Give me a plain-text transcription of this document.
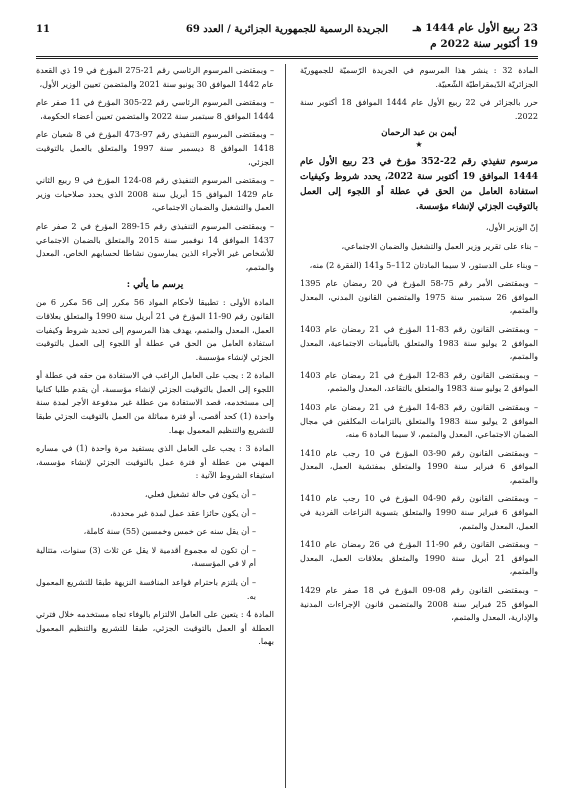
23 ربيع الأول عام 1444 هـ
19 أكتوبر سنة 2022 م
الجريدة الرسمية للجمهورية الجزائرية / العدد 69
11

المادة 32 : ينشر هذا المرسوم في الجريدة الرّسميّة للجمهوريّة الجزائريّة الدّيمقراطيّة الشّعبيّة.

حرر بالجزائر في 22 ربيع الأول عام 1444 الموافق 18 أكتوبر سنة 2022.

أيمن بن عبد الرحمان
★

مرسوم تنفيذي رقم 22-352 مؤرخ في 23 ربيع الأول عام 1444 الموافق 19 أكتوبر سنة 2022، يحدد شروط وكيفيات استفادة العامل من الحق في عطلة أو اللجوء إلى العمل بالتوقيت الجزئي لإنشاء مؤسسة.

إنّ الوزير الأول،

– بناء على تقرير وزير العمل والتشغيل والضمان الاجتماعي،

– وبناء على الدستور، لا سيما المادتان 112–5 و141 (الفقرة 2) منه،

– وبمقتضى الأمر رقم 75-58 المؤرخ في 20 رمضان عام 1395 الموافق 26 سبتمبر سنة 1975 والمتضمن القانون المدني، المعدل والمتمم،

– وبمقتضى القانون رقم 83-11 المؤرخ في 21 رمضان عام 1403 الموافق 2 يوليو سنة 1983 والمتعلق بالتأمينات الاجتماعية، المعدل والمتمم،

– وبمقتضى القانون رقم 83-12 المؤرخ في 21 رمضان عام 1403 الموافق 2 يوليو سنة 1983 والمتعلق بالتقاعد، المعدل والمتمم،

– وبمقتضى القانون رقم 83-14 المؤرخ في 21 رمضان عام 1403 الموافق 2 يوليو سنة 1983 والمتعلق بالتزامات المكلفين في مجال الضمان الاجتماعي، المعدل والمتمم، لا سيما المادة 6 منه،

– وبمقتضى القانون رقم 90-03 المؤرخ في 10 رجب عام 1410 الموافق 6 فبراير سنة 1990 والمتعلق بمفتشية العمل، المعدل والمتمم،

– وبمقتضى القانون رقم 90-04 المؤرخ في 10 رجب عام 1410 الموافق 6 فبراير سنة 1990 والمتعلق بتسوية النزاعات الفردية في العمل، المعدل والمتمم،

– وبمقتضى القانون رقم 90-11 المؤرخ في 26 رمضان عام 1410 الموافق 21 أبريل سنة 1990 والمتعلق بعلاقات العمل، المعدل والمتمم،

– وبمقتضى القانون رقم 08-09 المؤرخ في 18 صفر عام 1429 الموافق 25 فبراير سنة 2008 والمتضمن قانون الإجراءات المدنية والإدارية، المعدل والمتمم،

– وبمقتضى المرسوم الرئاسي رقم 21-275 المؤرخ في 19 ذي القعدة عام 1442 الموافق 30 يونيو سنة 2021 والمتضمن تعيين الوزير الأول،

– وبمقتضى المرسوم الرئاسي رقم 22-305 المؤرخ في 11 صفر عام 1444 الموافق 8 سبتمبر سنة 2022 والمتضمن تعيين أعضاء الحكومة،

– وبمقتضى المرسوم التنفيذي رقم 97-473 المؤرخ في 8 شعبان عام 1418 الموافق 8 ديسمبر سنة 1997 والمتعلق بالعمل بالتوقيت الجزئي،

– وبمقتضى المرسوم التنفيذي رقم 08-124 المؤرخ في 9 ربيع الثاني عام 1429 الموافق 15 أبريل سنة 2008 الذي يحدد صلاحيات وزير العمل والتشغيل والضمان الاجتماعي،

– وبمقتضى المرسوم التنفيذي رقم 15-289 المؤرخ في 2 صفر عام 1437 الموافق 14 نوفمبر سنة 2015 والمتعلق بالضمان الاجتماعي للأشخاص غير الأجراء الذين يمارسون نشاطا لحسابهم الخاص، المعدل والمتمم،

يرسم ما يأتي :

المادة الأولى : تطبيقا لأحكام المواد 56 مكرر إلى 56 مكرر 6 من القانون رقم 90-11 المؤرخ في 21 أبريل سنة 1990 والمتعلق بعلاقات العمل، المعدل والمتمم، يهدف هذا المرسوم إلى تحديد شروط وكيفيات استفادة العامل من الحق في عطلة أو اللجوء إلى العمل بالتوقيت الجزئي لإنشاء مؤسسة.

المادة 2 : يجب على العامل الراغب في الاستفادة من حقه في عطلة أو اللجوء إلى العمل بالتوقيت الجزئي لإنشاء مؤسسة، أن يقدم طلبا كتابيا إلى مستخدمه، قصد الاستفادة من عطلة غير مدفوعة الأجر لمدة سنة واحدة (1) كحد أقصى، أو فترة مماثلة من العمل بالتوقيت الجزئي طبقا للتشريع والتنظيم المعمول بهما.

المادة 3 : يجب على العامل الذي يستفيد مرة واحدة (1) في مساره المهني من عطلة أو فترة عمل بالتوقيت الجزئي لإنشاء مؤسسة، استيفاء الشروط الآتية :

– أن يكون في حالة تشغيل فعلي،

– أن يكون حائزا عقد عمل لمدة غير محددة،

– أن يقل سنه عن خمس وخمسين (55) سنة كاملة،

– أن تكون له مجموع أقدمية لا يقل عن ثلاث (3) سنوات، متتالية أم لا في المؤسسة،

– أن يلتزم باحترام قواعد المنافسة النزيهة طبقا للتشريع المعمول به.

المادة 4 : يتعين على العامل الالتزام بالوفاء تجاه مستخدمه خلال فترتي العطلة أو العمل بالتوقيت الجزئي، طبقا للتشريع والتنظيم المعمول بهما.
